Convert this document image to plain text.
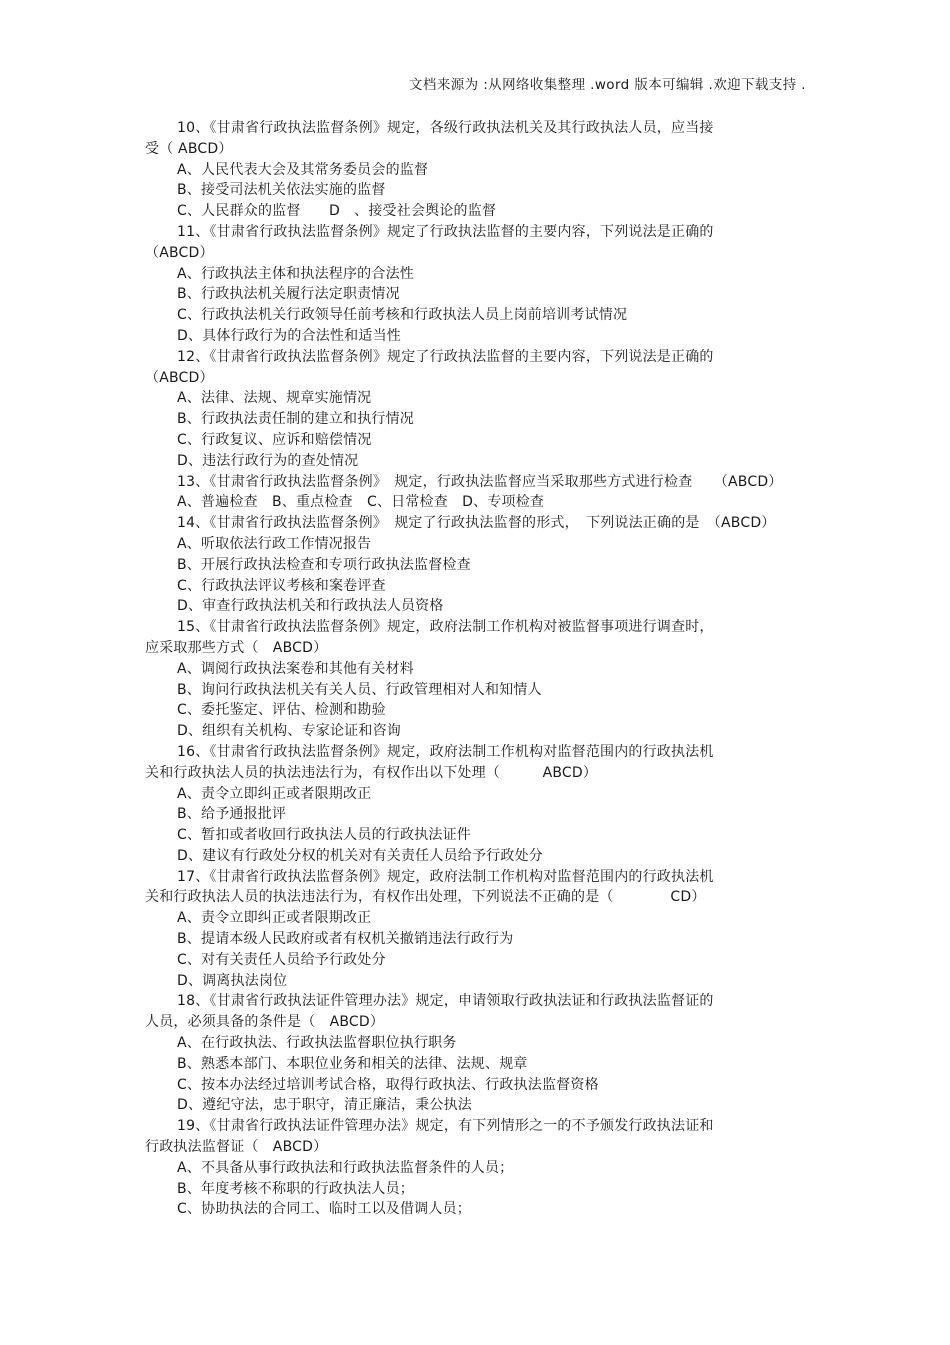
文档来源为 :从网络收集整理 .word 版本可编辑 .欢迎下载支持 .
10、《甘肃省行政执法监督条例》规定，各级行政执法机关及其行政执法人员，应当接
受（ ABCD）
A、人民代表大会及其常务委员会的监督
B、接受司法机关依法实施的监督
C、人民群众的监督　　D　、接受社会舆论的监督
11、《甘肃省行政执法监督条例》规定了行政执法监督的主要内容，下列说法是正确的
（ABCD）
A、行政执法主体和执法程序的合法性
B、行政执法机关履行法定职责情况
C、行政执法机关行政领导任前考核和行政执法人员上岗前培训考试情况
D、具体行政行为的合法性和适当性
12、《甘肃省行政执法监督条例》规定了行政执法监督的主要内容，下列说法是正确的
（ABCD）
A、法律、法规、规章实施情况
B、行政执法责任制的建立和执行情况
C、行政复议、应诉和赔偿情况
D、违法行政行为的查处情况
13、《甘肃省行政执法监督条例》　规定，行政执法监督应当采取那些方式进行检查　　（ABCD）
A、普遍检查　B、重点检查　C、日常检查　D、专项检查
14、《甘肃省行政执法监督条例》　规定了行政执法监督的形式，　下列说法正确的是　（ABCD）
A、听取依法行政工作情况报告
B、开展行政执法检查和专项行政执法监督检查
C、行政执法评议考核和案卷评查
D、审查行政执法机关和行政执法人员资格
15、《甘肃省行政执法监督条例》规定，政府法制工作机构对被监督事项进行调查时，
应采取那些方式（　ABCD）
A、调阅行政执法案卷和其他有关材料
B、询问行政执法机关有关人员、行政管理相对人和知情人
C、委托鉴定、评估、检测和勘验
D、组织有关机构、专家论证和咨询
16、《甘肃省行政执法监督条例》规定，政府法制工作机构对监督范围内的行政执法机
关和行政执法人员的执法违法行为，有权作出以下处理（　　　ABCD）
A、责令立即纠正或者限期改正
B、给予通报批评
C、暂扣或者收回行政执法人员的行政执法证件
D、建议有行政处分权的机关对有关责任人员给予行政处分
17、《甘肃省行政执法监督条例》规定，政府法制工作机构对监督范围内的行政执法机
关和行政执法人员的执法违法行为，有权作出处理，下列说法不正确的是（　　　　CD）
A、责令立即纠正或者限期改正
B、提请本级人民政府或者有权机关撤销违法行政行为
C、对有关责任人员给予行政处分
D、调离执法岗位
18、《甘肃省行政执法证件管理办法》规定，申请领取行政执法证和行政执法监督证的
人员，必须具备的条件是（　ABCD）
A、在行政执法、行政执法监督职位执行职务
B、熟悉本部门、本职位业务和相关的法律、法规、规章
C、按本办法经过培训考试合格，取得行政执法、行政执法监督资格
D、遵纪守法，忠于职守，清正廉洁，秉公执法
19、《甘肃省行政执法证件管理办法》规定，有下列情形之一的不予颁发行政执法证和
行政执法监督证（　ABCD）
A、不具备从事行政执法和行政执法监督条件的人员；
B、年度考核不称职的行政执法人员；
C、协助执法的合同工、临时工以及借调人员；
